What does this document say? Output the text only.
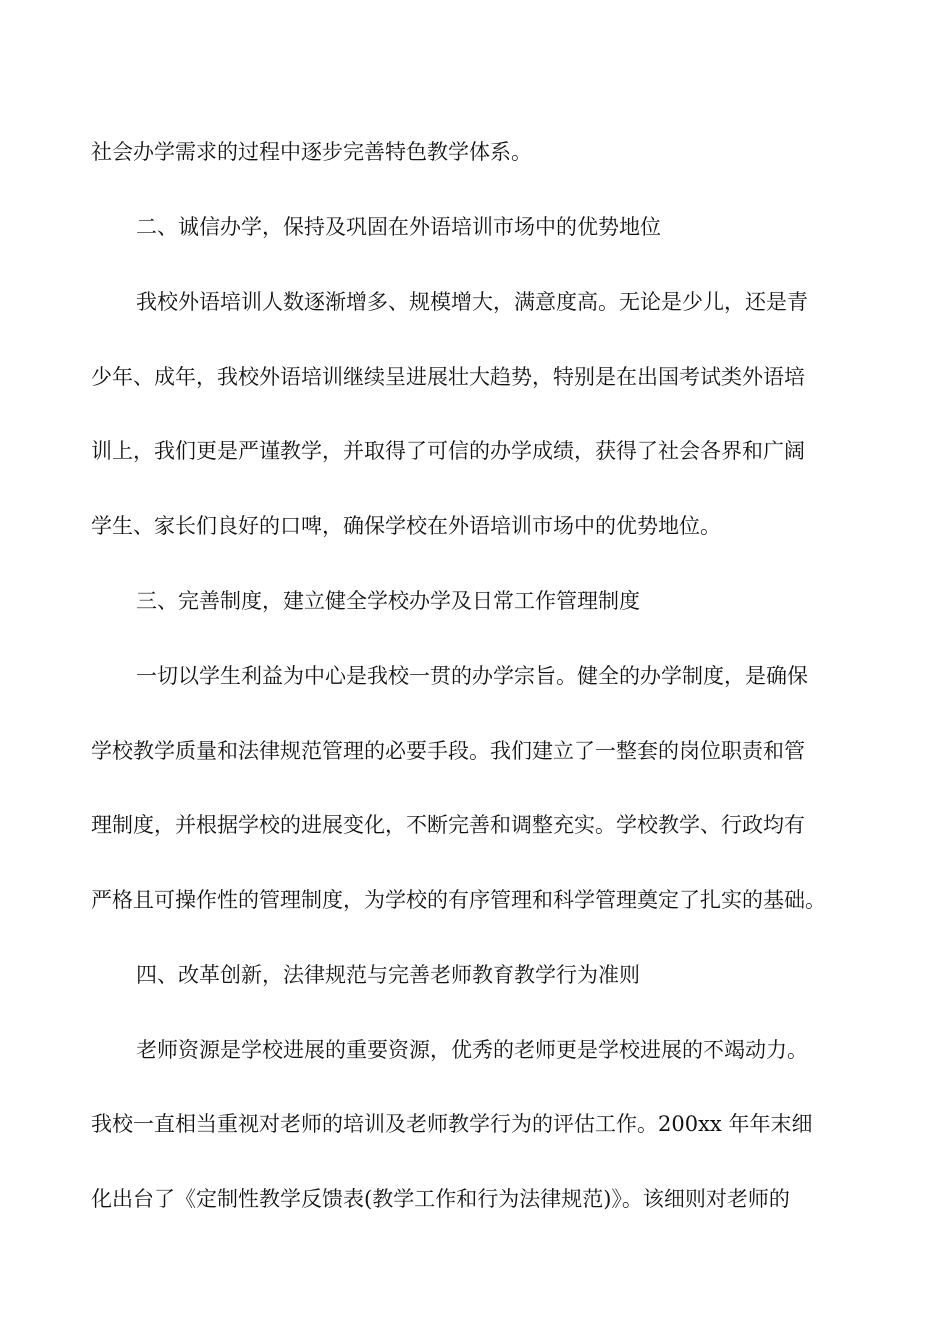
社会办学需求的过程中逐步完善特色教学体系。
二、诚信办学，保持及巩固在外语培训市场中的优势地位
我校外语培训人数逐渐增多、规模增大，满意度高。无论是少儿，还是青
少年、成年，我校外语培训继续呈进展壮大趋势，特别是在出国考试类外语培
训上，我们更是严谨教学，并取得了可信的办学成绩，获得了社会各界和广阔
学生、家长们良好的口啤，确保学校在外语培训市场中的优势地位。
三、完善制度，建立健全学校办学及日常工作管理制度
一切以学生利益为中心是我校一贯的办学宗旨。健全的办学制度，是确保
学校教学质量和法律规范管理的必要手段。我们建立了一整套的岗位职责和管
理制度，并根据学校的进展变化，不断完善和调整充实。学校教学、行政均有
严格且可操作性的管理制度，为学校的有序管理和科学管理奠定了扎实的基础。
四、改革创新，法律规范与完善老师教育教学行为准则
老师资源是学校进展的重要资源，优秀的老师更是学校进展的不竭动力。
我校一直相当重视对老师的培训及老师教学行为的评估工作。200xx 年年末细
化出台了《定制性教学反馈表(教学工作和行为法律规范)》。该细则对老师的
